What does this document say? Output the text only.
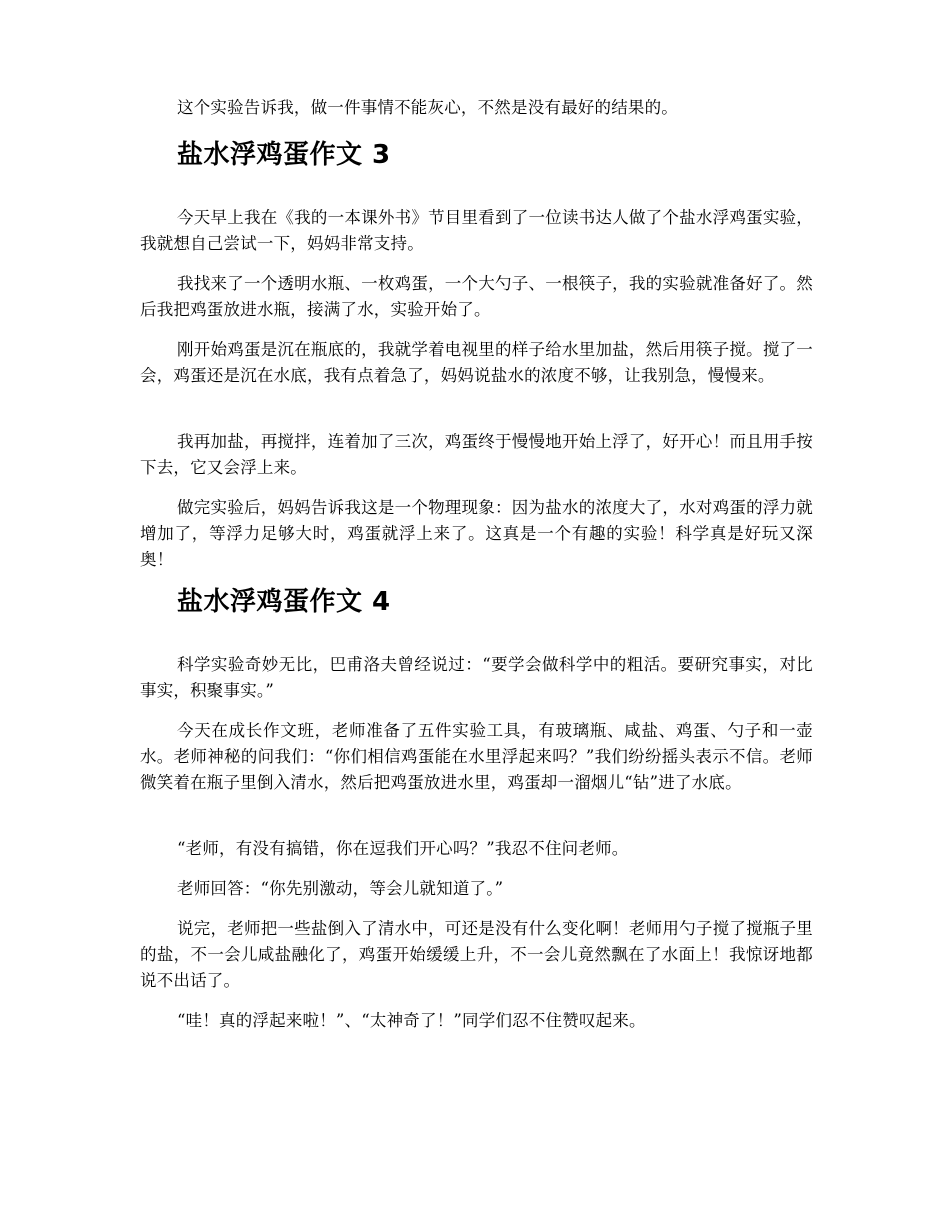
这个实验告诉我，做一件事情不能灰心，不然是没有最好的结果的。

盐水浮鸡蛋作文 3

今天早上我在《我的一本课外书》节目里看到了一位读书达人做了个盐水浮鸡蛋实验，我就想自己尝试一下，妈妈非常支持。

我找来了一个透明水瓶、一枚鸡蛋，一个大勺子、一根筷子，我的实验就准备好了。然后我把鸡蛋放进水瓶，接满了水，实验开始了。

刚开始鸡蛋是沉在瓶底的，我就学着电视里的样子给水里加盐，然后用筷子搅。搅了一会，鸡蛋还是沉在水底，我有点着急了，妈妈说盐水的浓度不够，让我别急，慢慢来。

我再加盐，再搅拌，连着加了三次，鸡蛋终于慢慢地开始上浮了，好开心！而且用手按下去，它又会浮上来。

做完实验后，妈妈告诉我这是一个物理现象：因为盐水的浓度大了，水对鸡蛋的浮力就增加了，等浮力足够大时，鸡蛋就浮上来了。这真是一个有趣的实验！科学真是好玩又深奥！

盐水浮鸡蛋作文 4

科学实验奇妙无比，巴甫洛夫曾经说过：“要学会做科学中的粗活。要研究事实，对比事实，积聚事实。”

今天在成长作文班，老师准备了五件实验工具，有玻璃瓶、咸盐、鸡蛋、勺子和一壶水。老师神秘的问我们：“你们相信鸡蛋能在水里浮起来吗？”我们纷纷摇头表示不信。老师微笑着在瓶子里倒入清水，然后把鸡蛋放进水里，鸡蛋却一溜烟儿“钻”进了水底。

“老师，有没有搞错，你在逗我们开心吗？”我忍不住问老师。

老师回答：“你先别激动，等会儿就知道了。”

说完，老师把一些盐倒入了清水中，可还是没有什么变化啊！老师用勺子搅了搅瓶子里的盐，不一会儿咸盐融化了，鸡蛋开始缓缓上升，不一会儿竟然飘在了水面上！我惊讶地都说不出话了。

“哇！真的浮起来啦！”、“太神奇了！”同学们忍不住赞叹起来。
